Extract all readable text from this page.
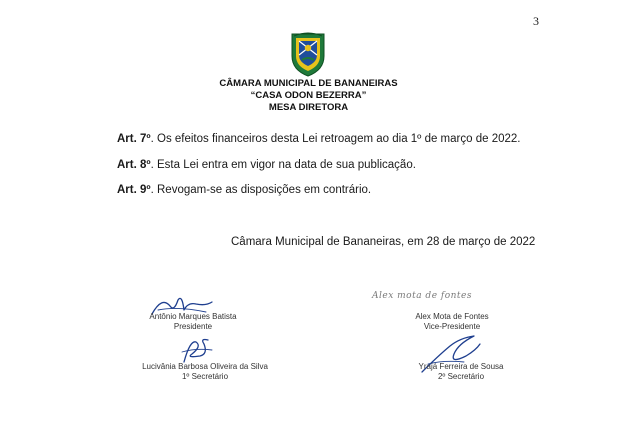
3
CÂMARA MUNICIPAL DE BANANEIRAS
“CASA ODON BEZERRA”
MESA DIRETORA
Art. 7º. Os efeitos financeiros desta Lei retroagem ao dia 1º de março de 2022.
Art. 8º. Esta Lei entra em vigor na data de sua publicação.
Art. 9º. Revogam-se as disposições em contrário.
Câmara Municipal de Bananeiras, em 28 de março de 2022
Alex mota de fontes
Antônio Marques Batista
Presidente
Alex Mota de Fontes
Vice-Presidente
Lucivânia Barbosa Oliveira da Silva
1º Secretário
Yrajá Ferreira de Sousa
2º Secretário
